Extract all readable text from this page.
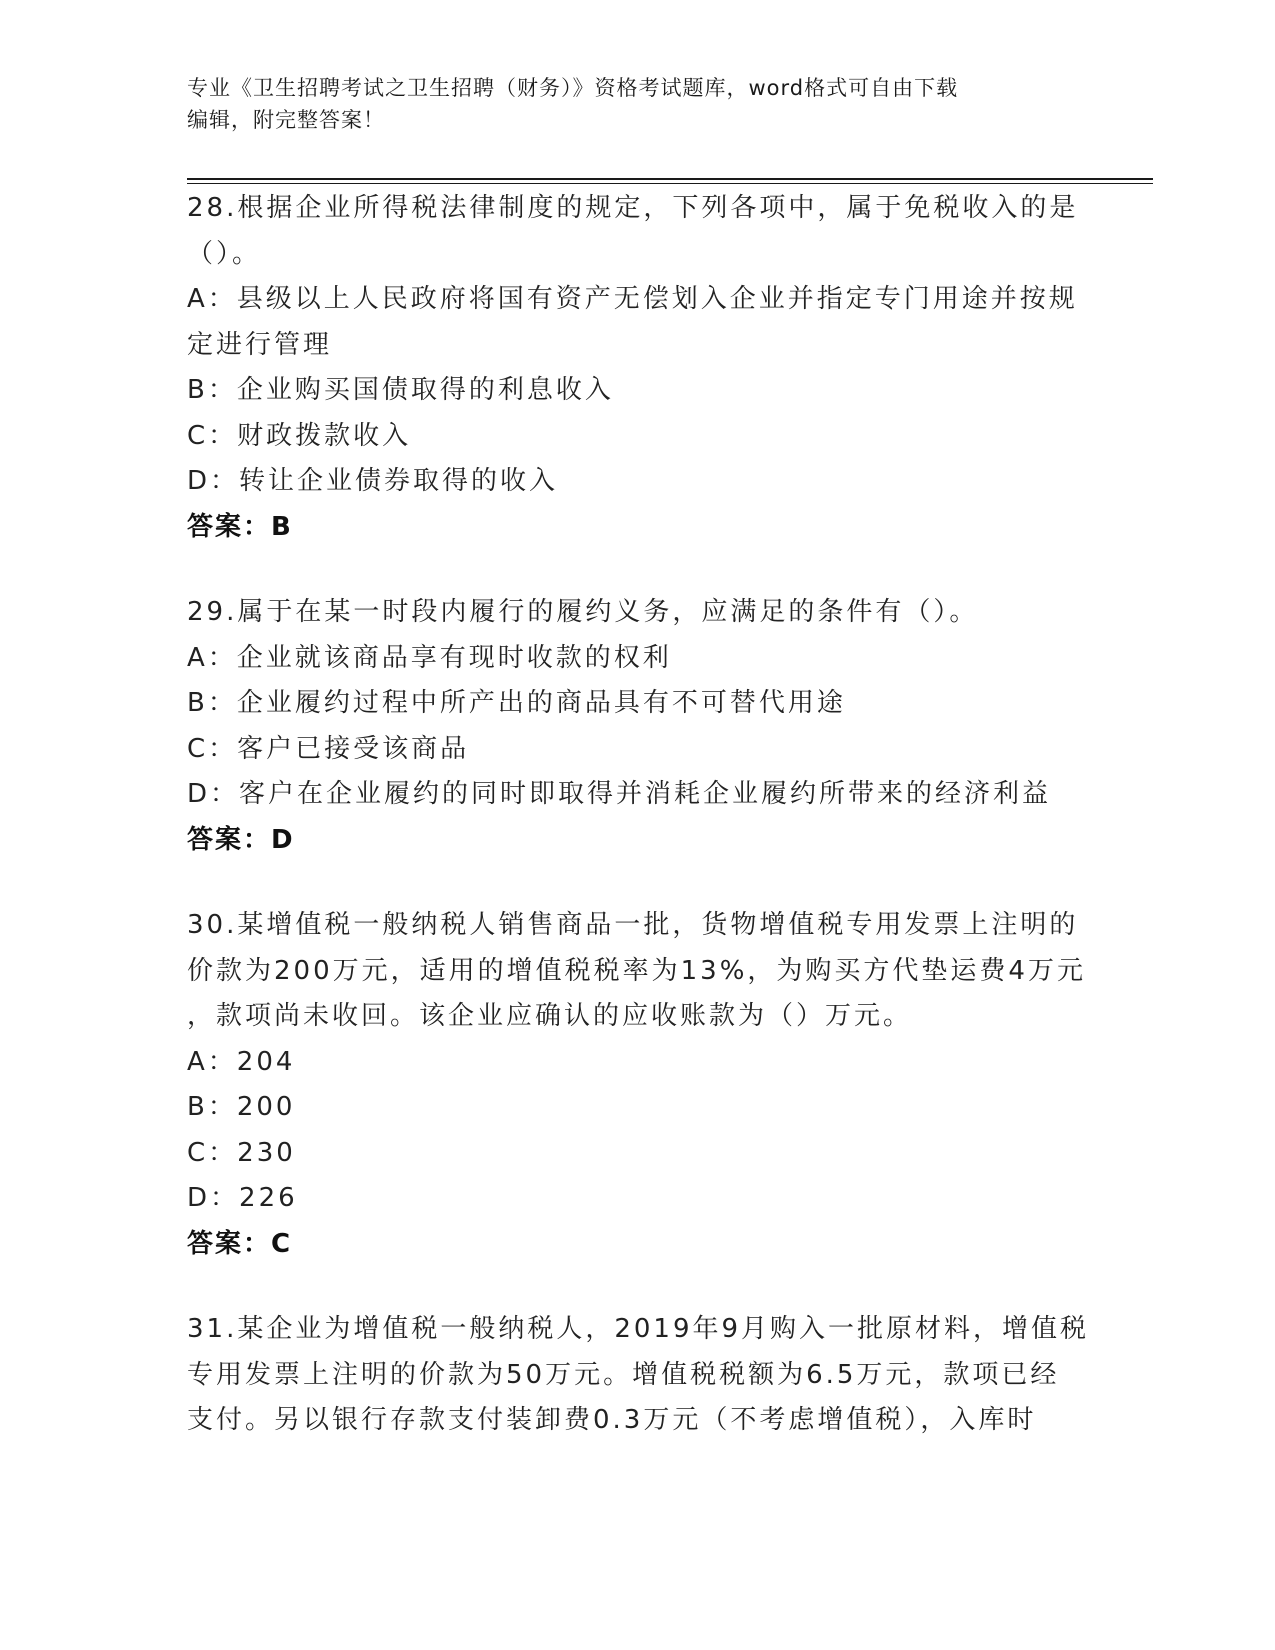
专业《卫生招聘考试之卫生招聘（财务）》资格考试题库，word格式可自由下载
编辑，附完整答案！
28.根据企业所得税法律制度的规定，下列各项中，属于免税收入的是
（）。
A：县级以上人民政府将国有资产无偿划入企业并指定专门用途并按规
定进行管理
B：企业购买国债取得的利息收入
C：财政拨款收入
D：转让企业债券取得的收入
答案：B
29.属于在某一时段内履行的履约义务，应满足的条件有（）。
A：企业就该商品享有现时收款的权利
B：企业履约过程中所产出的商品具有不可替代用途
C：客户已接受该商品
D：客户在企业履约的同时即取得并消耗企业履约所带来的经济利益
答案：D
30.某增值税一般纳税人销售商品一批，货物增值税专用发票上注明的
价款为200万元，适用的增值税税率为13%，为购买方代垫运费4万元
，款项尚未收回。该企业应确认的应收账款为（）万元。
A：204
B：200
C：230
D：226
答案：C
31.某企业为增值税一般纳税人，2019年9月购入一批原材料，增值税
专用发票上注明的价款为50万元。增值税税额为6.5万元，款项已经
支付。另以银行存款支付装卸费0.3万元（不考虑增值税），入库时
